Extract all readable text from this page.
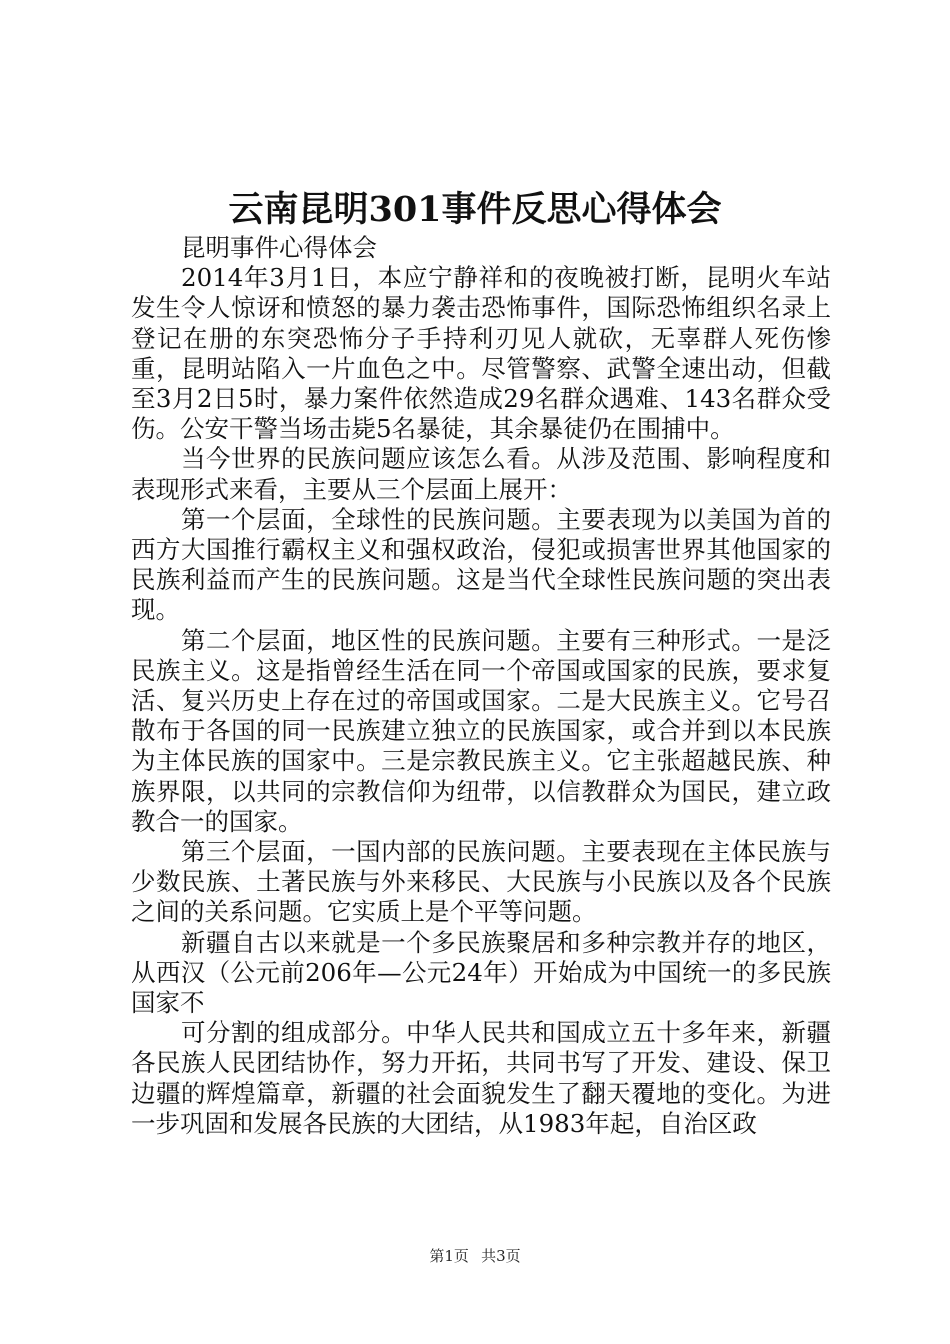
云南昆明301事件反思心得体会

昆明事件心得体会

2014年3月1日，本应宁静祥和的夜晚被打断，昆明火车站发生令人惊讶和愤怒的暴力袭击恐怖事件，国际恐怖组织名录上登记在册的东突恐怖分子手持利刃见人就砍，无辜群人死伤惨重，昆明站陷入一片血色之中。尽管警察、武警全速出动，但截至3月2日5时，暴力案件依然造成29名群众遇难、143名群众受伤。公安干警当场击毙5名暴徒，其余暴徒仍在围捕中。

当今世界的民族问题应该怎么看。从涉及范围、影响程度和表现形式来看，主要从三个层面上展开：

第一个层面，全球性的民族问题。主要表现为以美国为首的西方大国推行霸权主义和强权政治，侵犯或损害世界其他国家的民族利益而产生的民族问题。这是当代全球性民族问题的突出表现。

第二个层面，地区性的民族问题。主要有三种形式。一是泛民族主义。这是指曾经生活在同一个帝国或国家的民族，要求复活、复兴历史上存在过的帝国或国家。二是大民族主义。它号召散布于各国的同一民族建立独立的民族国家，或合并到以本民族为主体民族的国家中。三是宗教民族主义。它主张超越民族、种族界限，以共同的宗教信仰为纽带，以信教群众为国民，建立政教合一的国家。

第三个层面，一国内部的民族问题。主要表现在主体民族与少数民族、土著民族与外来移民、大民族与小民族以及各个民族之间的关系问题。它实质上是个平等问题。

新疆自古以来就是一个多民族聚居和多种宗教并存的地区，从西汉（公元前206年—公元24年）开始成为中国统一的多民族国家不

可分割的组成部分。中华人民共和国成立五十多年来，新疆各民族人民团结协作，努力开拓，共同书写了开发、建设、保卫边疆的辉煌篇章，新疆的社会面貌发生了翻天覆地的变化。为进一步巩固和发展各民族的大团结，从1983年起，自治区政

第1页 共3页
